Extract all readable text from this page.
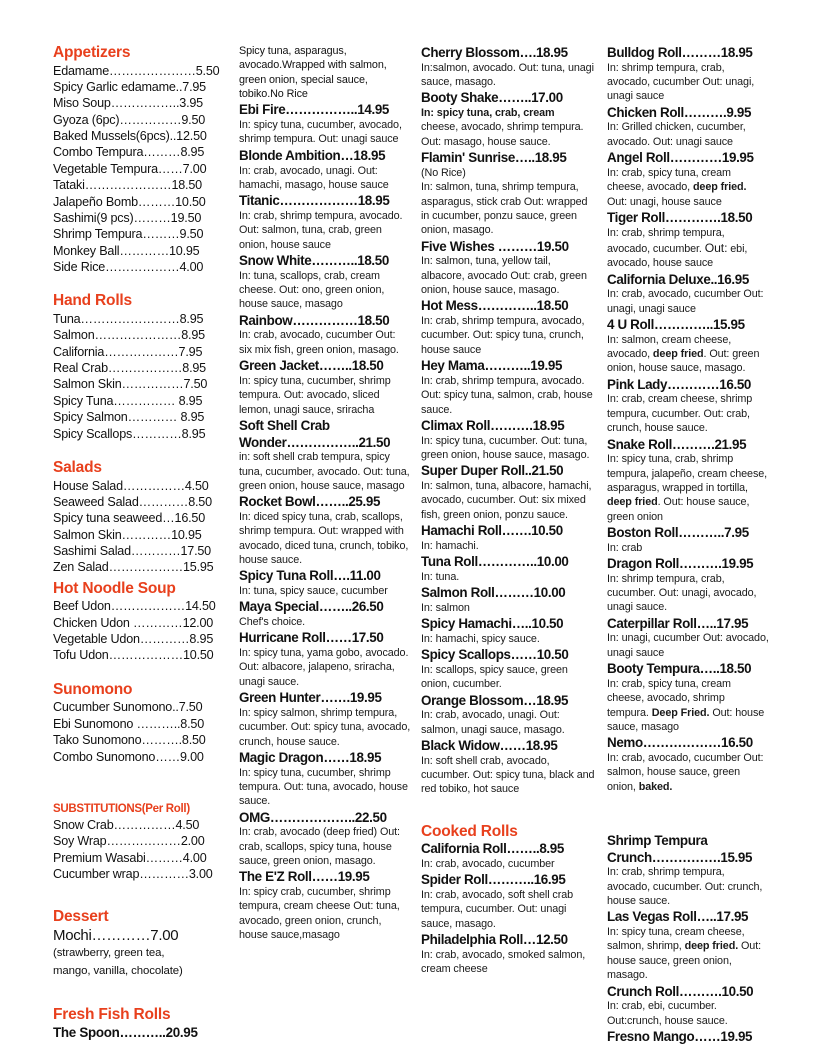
Appetizers
Edamame…………………5.50
Spicy Garlic edamame..7.95
Miso Soup……………..3.95
Gyoza (6pc)……………9.50
Baked Mussels(6pcs)..12.50
Combo Tempura………8.95
Vegetable Tempura……7.00
Tataki…………………18.50
Jalapeño Bomb………10.50
Sashimi(9 pcs)………19.50
Shrimp Tempura………9.50
Monkey Ball…………10.95
Side Rice………………4.00
Hand Rolls
Tuna……………………8.95
Salmon…………………8.95
California………………7.95
Real Crab………………8.95
Salmon Skin……………7.50
Spicy Tuna…………… 8.95
Spicy Salmon………… 8.95
Spicy Scallops…………8.95
Salads
House Salad……………4.50
Seaweed Salad…………8.50
Spicy tuna seaweed…16.50
Salmon Skin…………10.95
Sashimi Salad…………17.50
Zen Salad………………15.95
Hot Noodle Soup
Beef Udon………………14.50
Chicken Udon …………12.00
Vegetable Udon…………8.95
Tofu Udon………………10.50
Sunomono
Cucumber Sunomono..7.50
Ebi Sunomono ………..8.50
Tako Sunomono……….8.50
Combo Sunomono……9.00
SUBSTITUTIONS(Per Roll)
Snow Crab……………4.50
Soy Wrap………………2.00
Premium Wasabi………4.00
Cucumber wrap…………3.00
Dessert
Mochi…………7.00
(strawberry, green tea,
mango, vanilla, chocolate)
Fresh Fish Rolls
The Spoon………..20.95
Spicy tuna, asparagus, avocado.Wrapped with salmon, green onion, special sauce, tobiko.No Rice
Ebi Fire……………..14.95
In: spicy tuna, cucumber, avocado, shrimp tempura. Out: unagi sauce
Blonde Ambition…18.95
In: crab, avocado, unagi. Out: hamachi, masago, house sauce
Titanic………………18.95
In: crab, shrimp tempura, avocado. Out: salmon, tuna, crab, green onion, house sauce
Snow White………..18.50
In: tuna, scallops, crab, cream cheese. Out: ono, green onion, house sauce, masago
Rainbow……………18.50
In: crab, avocado, cucumber Out: six mix fish, green onion, masago.
Green Jacket……..18.50
In: spicy tuna, cucumber, shrimp tempura. Out: avocado, sliced lemon, unagi sauce, sriracha
Soft Shell Crab
Wonder……………..21.50
in: soft shell crab tempura, spicy tuna, cucumber, avocado. Out: tuna, green onion, house sauce, masago
Rocket Bowl……..25.95
In: diced spicy tuna, crab, scallops, shrimp tempura. Out: wrapped with avocado, diced tuna, crunch, tobiko, house sauce.
Spicy Tuna Roll….11.00
In: tuna, spicy sauce, cucumber
Maya Special……..26.50
Chef's choice.
Hurricane Roll……17.50
In: spicy tuna, yama gobo, avocado. Out: albacore, jalapeno, sriracha, unagi sauce.
Green Hunter…….19.95
In: spicy salmon, shrimp tempura, cucumber. Out: spicy tuna, avocado, crunch, house sauce.
Magic Dragon……18.95
In: spicy tuna, cucumber, shrimp tempura. Out: tuna, avocado, house sauce.
OMG………………..22.50
In: crab, avocado (deep fried) Out: crab, scallops, spicy tuna, house sauce, green onion, masago.
The E'Z Roll……19.95
In: spicy crab, cucumber, shrimp tempura, cream cheese Out: tuna, avocado, green onion, crunch, house sauce,masago
Cherry Blossom….18.95
In:salmon, avocado. Out: tuna, unagi sauce, masago.
Booty Shake……..17.00
In: spicy tuna, crab, cream
cheese, avocado, shrimp tempura. Out: masago, house sauce.
Flamin' Sunrise…..18.95
(No Rice)
In: salmon, tuna, shrimp tempura, asparagus, stick crab Out: wrapped in cucumber, ponzu sauce, green onion, masago.
Five Wishes ………19.50
In: salmon, tuna, yellow tail, albacore, avocado Out: crab, green onion, house sauce, masago.
Hot Mess…………..18.50
In: crab, shrimp tempura, avocado, cucumber. Out: spicy tuna, crunch, house sauce
Hey Mama………..19.95
In: crab, shrimp tempura, avocado. Out: spicy tuna, salmon, crab, house sauce.
Climax Roll……….18.95
In: spicy tuna, cucumber. Out: tuna, green onion, house sauce, masago.
Super Duper Roll..21.50
In: salmon, tuna, albacore, hamachi, avocado, cucumber. Out: six mixed fish, green onion, ponzu sauce.
Hamachi Roll…….10.50
In: hamachi.
Tuna Roll…………..10.00
In: tuna.
Salmon Roll………10.00
In: salmon
Spicy Hamachi…..10.50
In: hamachi, spicy sauce.
Spicy Scallops……10.50
In: scallops, spicy sauce, green onion, cucumber.
Orange Blossom…18.95
In: crab, avocado, unagi. Out: salmon, unagi sauce, masago.
Black Widow……18.95
In: soft shell crab, avocado, cucumber. Out: spicy tuna, black and red tobiko, hot sauce
Cooked Rolls
California Roll……..8.95
In: crab, avocado, cucumber
Spider Roll………..16.95
In: crab, avocado, soft shell crab tempura, cucumber. Out: unagi sauce, masago.
Philadelphia Roll…12.50
In: crab, avocado, smoked salmon, cream cheese
Bulldog Roll………18.95
In: shrimp tempura, crab, avocado, cucumber Out: unagi, unagi sauce
Chicken Roll……….9.95
In: Grilled chicken, cucumber, avocado. Out: unagi sauce
Angel Roll…………19.95
In: crab, spicy tuna, cream cheese, avocado, deep fried. Out: unagi, house sauce
Tiger Roll………….18.50
In: crab, shrimp tempura, avocado, cucumber. Out: ebi, avocado, house sauce
California Deluxe..16.95
In: crab, avocado, cucumber Out: unagi, unagi sauce
4 U Roll…………..15.95
In: salmon, cream cheese, avocado, deep fried. Out: green onion, house sauce, masago.
Pink Lady…………16.50
In: crab, cream cheese, shrimp tempura, cucumber. Out: crab, crunch, house sauce.
Snake Roll……….21.95
In: spicy tuna, crab, shrimp tempura, jalapeño, cream cheese, asparagus, wrapped in tortilla, deep fried. Out: house sauce, green onion
Boston Roll………..7.95
In: crab
Dragon Roll……….19.95
In: shrimp tempura, crab, cucumber. Out: unagi, avocado, unagi sauce.
Caterpillar Roll…..17.95
In: unagi, cucumber Out: avocado, unagi sauce
Booty Tempura…..18.50
In: crab, spicy tuna, cream cheese, avocado, shrimp tempura. Deep Fried. Out: house sauce, masago
Nemo………………16.50
In: crab, avocado, cucumber Out: salmon, house sauce, green onion, baked.
Shrimp Tempura
Crunch…………….15.95
In: crab, shrimp tempura, avocado, cucumber. Out: crunch, house sauce.
Las Vegas Roll…..17.95
In: spicy tuna, cream cheese, salmon, shrimp, deep fried. Out: house sauce, green onion, masago.
Crunch Roll……….10.50
In: crab, ebi, cucumber. Out:crunch, house sauce.
Fresno Mango……19.95
